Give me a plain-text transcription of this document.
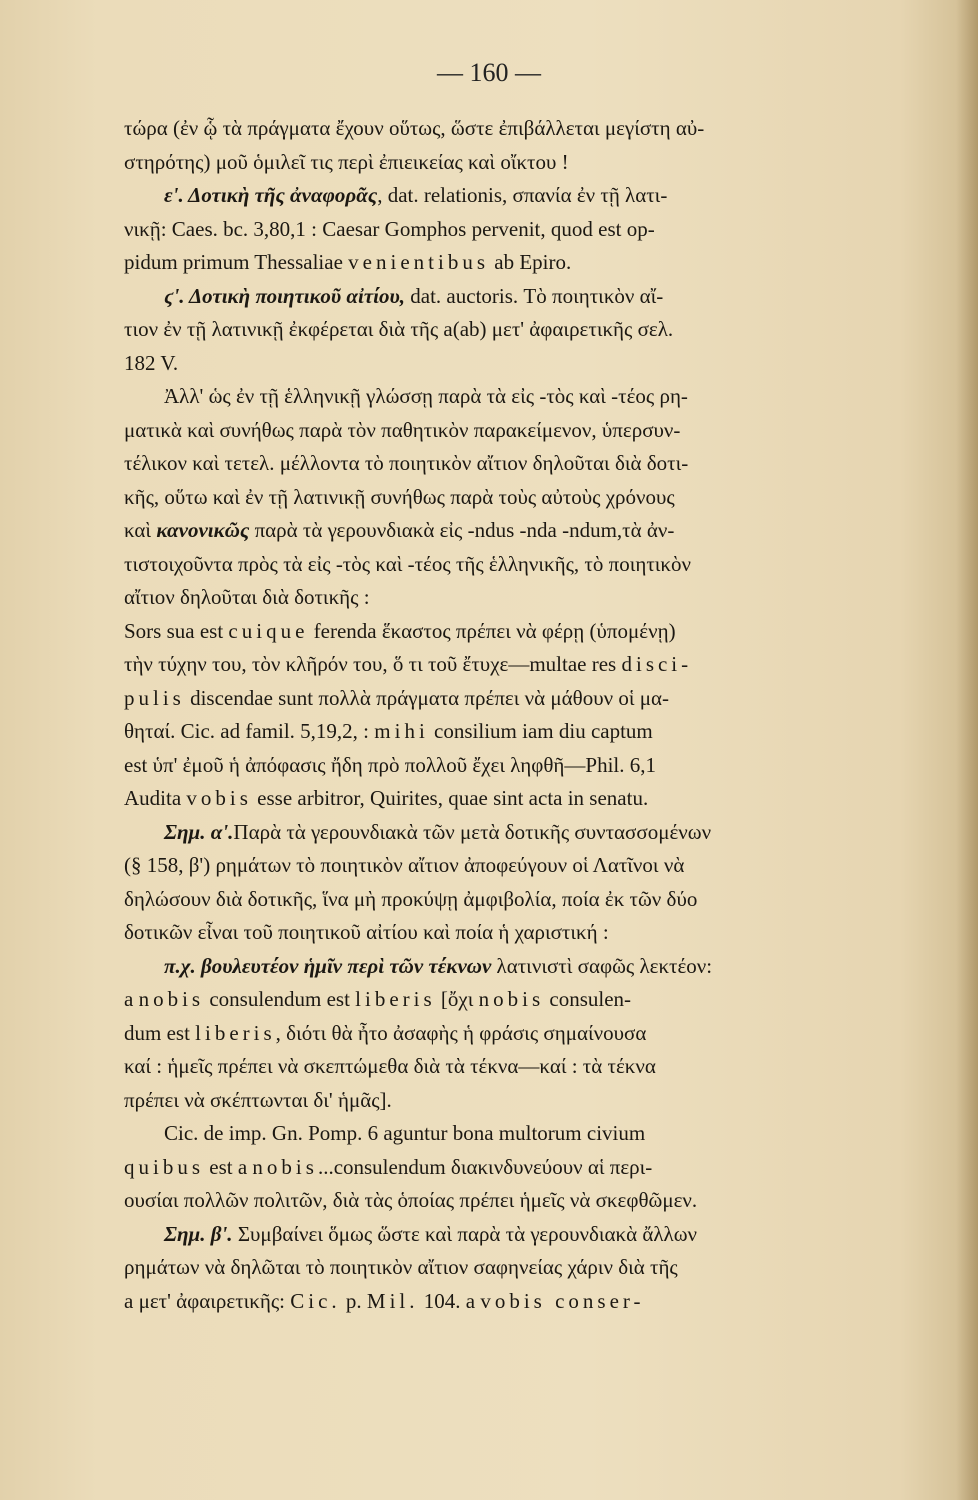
— 160 —
τώρα (ἐν ᾧ τὰ πράγματα ἔχουν οὕτως, ὥστε ἐπιβάλλεται μεγίστη αὐ-
στηρότης) μοῦ ὁμιλεῖ τις περὶ ἐπιεικείας καὶ οἴκτου !
ε'. Δοτικὴ τῆς ἀναφορᾶς, dat. relationis, σπανία ἐν τῇ λατι-
νικῇ: Caes. bc. 3,80,1 : Caesar Gomphos pervenit, quod est op-
pidum primum Thessaliae venientibus ab Epiro.
ϛ'. Δοτικὴ ποιητικοῦ αἰτίου, dat. auctoris. Τὸ ποιητικὸν αἴ-
τιον ἐν τῇ λατινικῇ ἐκφέρεται διὰ τῆς a(ab) μετ' ἀφαιρετικῆς σελ.
182 V.
Ἀλλ' ὡς ἐν τῇ ἑλληνικῇ γλώσσῃ παρὰ τὰ εἰς -τὸς καὶ -τέος ρη-
ματικὰ καὶ συνήθως παρὰ τὸν παθητικὸν παρακείμενον, ὑπερσυν-
τέλικον καὶ τετελ. μέλλοντα τὸ ποιητικὸν αἴτιον δηλοῦται διὰ δοτι-
κῆς, οὕτω καὶ ἐν τῇ λατινικῇ συνήθως παρὰ τοὺς αὐτοὺς χρόνους
καὶ κανονικῶς παρὰ τὰ γερουνδιακὰ εἰς -ndus -nda -ndum,τὰ ἀν-
τιστοιχοῦντα πρὸς τὰ εἰς -τὸς καὶ -τέος τῆς ἑλληνικῆς, τὸ ποιητικὸν
αἴτιον δηλοῦται διὰ δοτικῆς :
Sors sua est cuique ferenda ἕκαστος πρέπει νὰ φέρῃ (ὑπομένῃ)
τὴν τύχην του, τὸν κλῆρόν του, ὅ τι τοῦ ἔτυχε—multae res disci-
pulis discendae sunt πολλὰ πράγματα πρέπει νὰ μάθουν οἱ μα-
θηταί. Cic. ad famil. 5,19,2, : mihi consilium iam diu captum
est ὑπ' ἐμοῦ ἡ ἀπόφασις ἤδη πρὸ πολλοῦ ἔχει ληφθῆ—Phil. 6,1
Audita vobis esse arbitror, Quirites, quae sint acta in senatu.
Σημ. α'.Παρὰ τὰ γερουνδιακὰ τῶν μετὰ δοτικῆς συντασσομένων
(§ 158, β') ρημάτων τὸ ποιητικὸν αἴτιον ἀποφεύγουν οἱ Λατῖνοι νὰ
δηλώσουν διὰ δοτικῆς, ἵνα μὴ προκύψῃ ἀμφιβολία, ποία ἐκ τῶν δύο
δοτικῶν εἶναι τοῦ ποιητικοῦ αἰτίου καὶ ποία ἡ χαριστική :
π.χ. βουλευτέον ἡμῖν περὶ τῶν τέκνων λατινιστὶ σαφῶς λεκτέον:
a nobis consulendum est liberis [ὄχι nobis consulen-
dum est liberis, διότι θὰ ἦτο ἀσαφὴς ἡ φράσις σημαίνουσα
καί : ἡμεῖς πρέπει νὰ σκεπτώμεθα διὰ τὰ τέκνα—καί : τὰ τέκνα
πρέπει νὰ σκέπτωνται δι' ἡμᾶς].
Cic. de imp. Gn. Pomp. 6 aguntur bona multorum civium
quibus est a nobis...consulendum διακινδυνεύουν αἱ περι-
ουσίαι πολλῶν πολιτῶν, διὰ τὰς ὁποίας πρέπει ἡμεῖς νὰ σκεφθῶμεν.
Σημ. β'. Συμβαίνει ὅμως ὥστε καὶ παρὰ τὰ γερουνδιακὰ ἄλλων
ρημάτων νὰ δηλῶται τὸ ποιητικὸν αἴτιον σαφηνείας χάριν διὰ τῆς
a μετ' ἀφαιρετικῆς: Cic. p. Mil. 104. a vobis conser-
